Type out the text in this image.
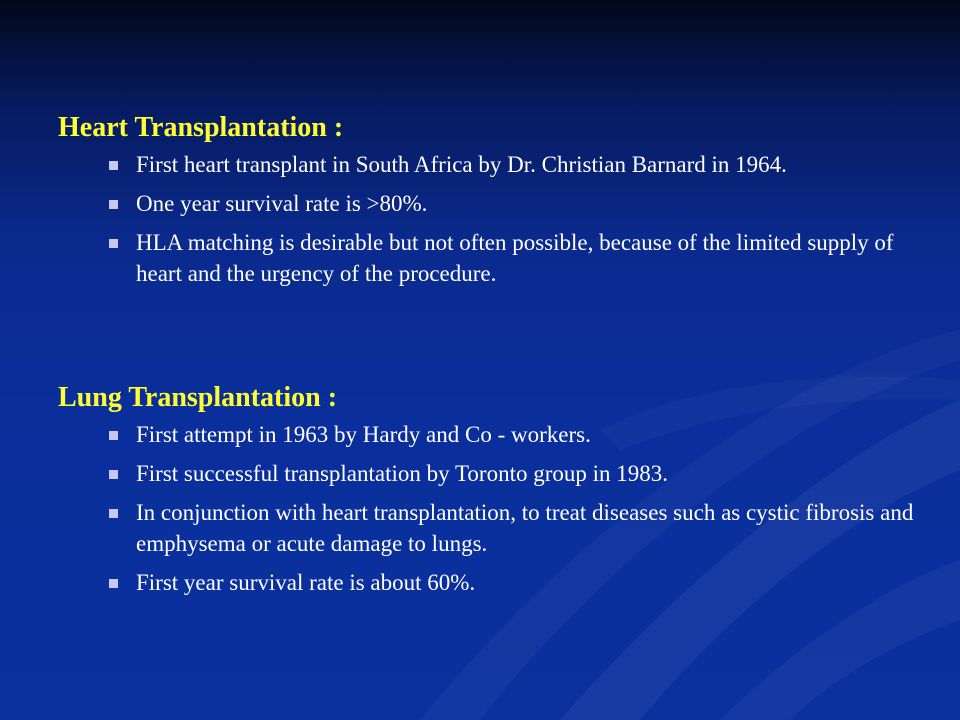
Heart Transplantation :
First heart transplant in South Africa by Dr. Christian Barnard in 1964.
One year survival rate is >80%.
HLA matching is desirable but not often possible, because of the limited supply of heart and the urgency of the procedure.
Lung Transplantation :
First attempt in 1963 by Hardy and Co - workers.
First successful transplantation by Toronto group in 1983.
In conjunction with heart transplantation, to treat diseases such as cystic fibrosis and emphysema or acute damage to lungs.
First year survival rate is about 60%.
